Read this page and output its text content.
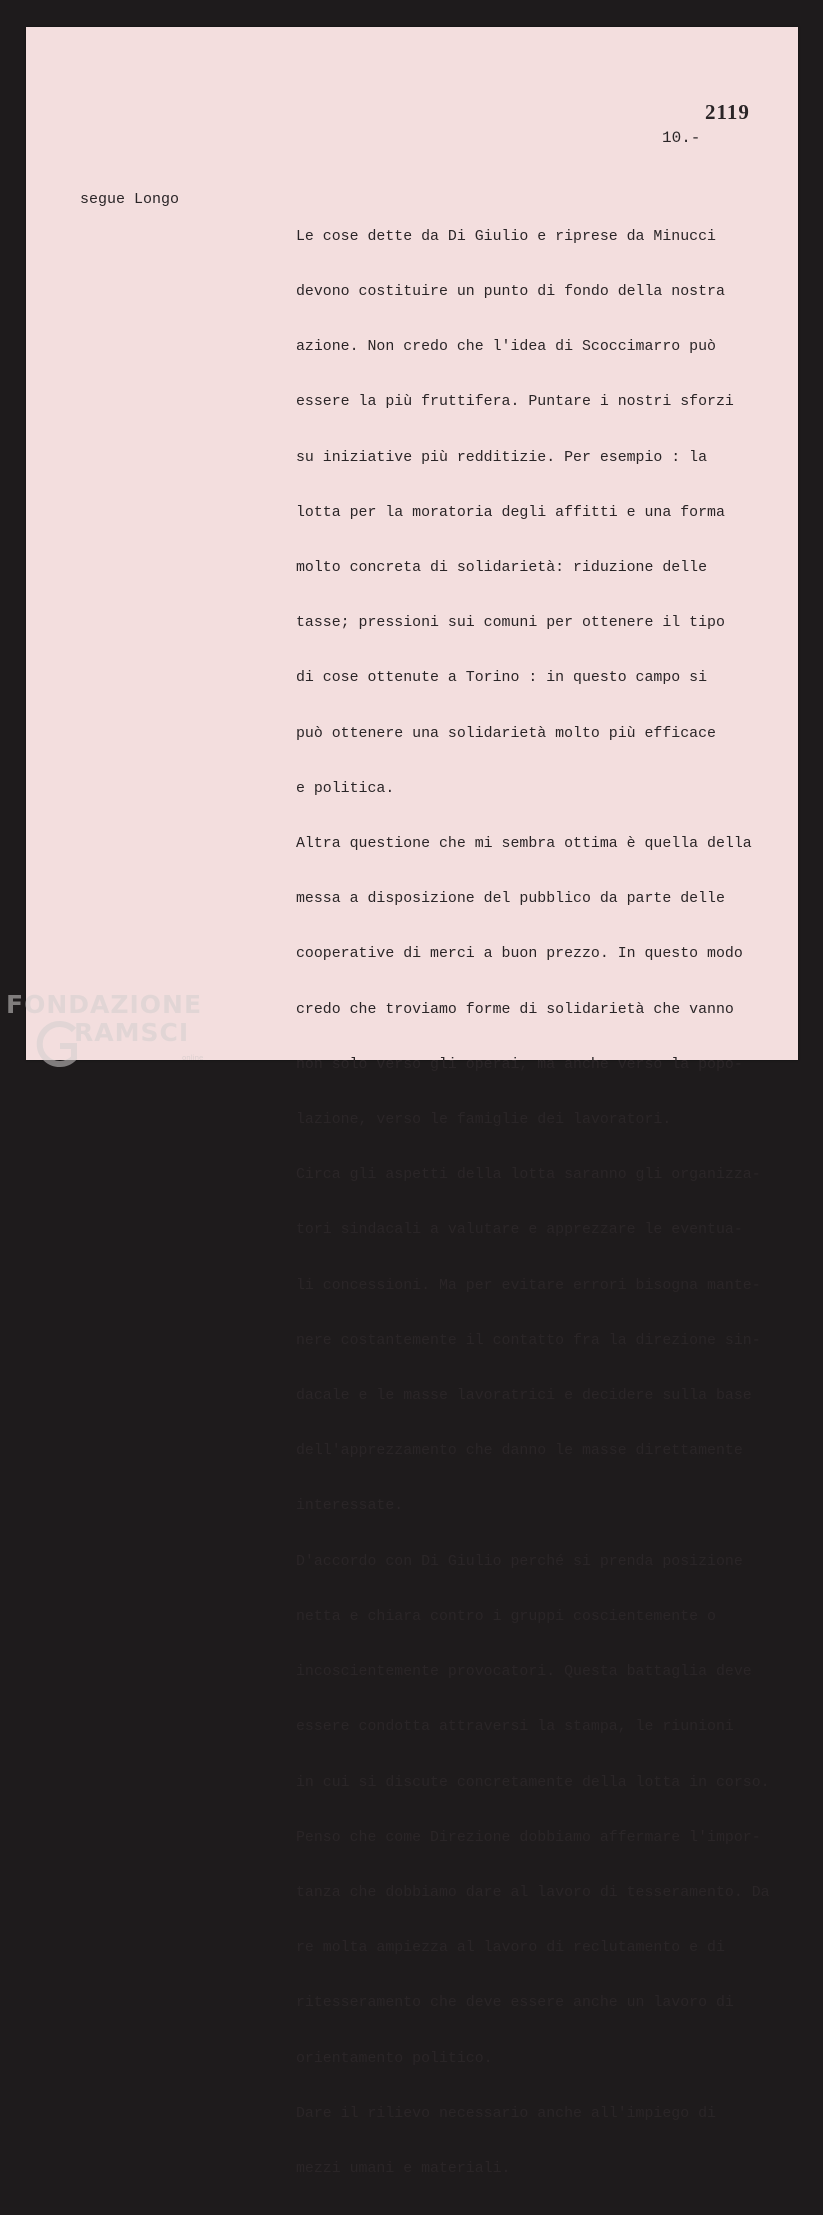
2119
10.-
segue Longo

Le cose dette da Di Giulio e riprese da Minucci

devono costituire un punto di fondo della nostra

azione. Non credo che l'idea di Scoccimarro può

essere la più fruttifera. Puntare i nostri sforzi

su iniziative più redditizie. Per esempio : la

lotta per la moratoria degli affitti e una forma

molto concreta di solidarietà: riduzione delle

tasse; pressioni sui comuni per ottenere il tipo

di cose ottenute a Torino : in questo campo si

può ottenere una solidarietà molto più efficace

e politica.

Altra questione che mi sembra ottima è quella della

messa a disposizione del pubblico da parte delle

cooperative di merci a buon prezzo. In questo modo

credo che troviamo forme di solidarietà che vanno

non solo verso gli operai, ma anche verso la popo-

lazione, verso le famiglie dei lavoratori.

Circa gli aspetti della lotta saranno gli organizza-

tori sindacali a valutare e apprezzare le eventua-

li concessioni. Ma per evitare errori bisogna mante-

nere costantemente il contatto fra la direzione sin-

dacale e le masse lavoratrici e decidere sulla base

dell'apprezzamento che danno le masse direttamente

interessate.

D'accordo con Di Giulio perché si prenda posizione

netta e chiara contro i gruppi coscientemente o

incoscientemente provocatori. Questa battaglia deve

essere condotta attraversi la stampa, le riunioni

in cui si discute concretamente della lotta in corso.

Penso che come Direzione dobbiamo affermare l'impor-

tanza che dobbiamo dare al lavoro di tesseramento. Da

re molta ampiezza al lavoro di reclutamento e di

ritesseramento che deve essere anche un lavoro di

orientamento politico.

Dare il rilievo necessario anche all'impiego di

mezzi umani e materiali.

FONDAZIONE
RAMSCI
online
